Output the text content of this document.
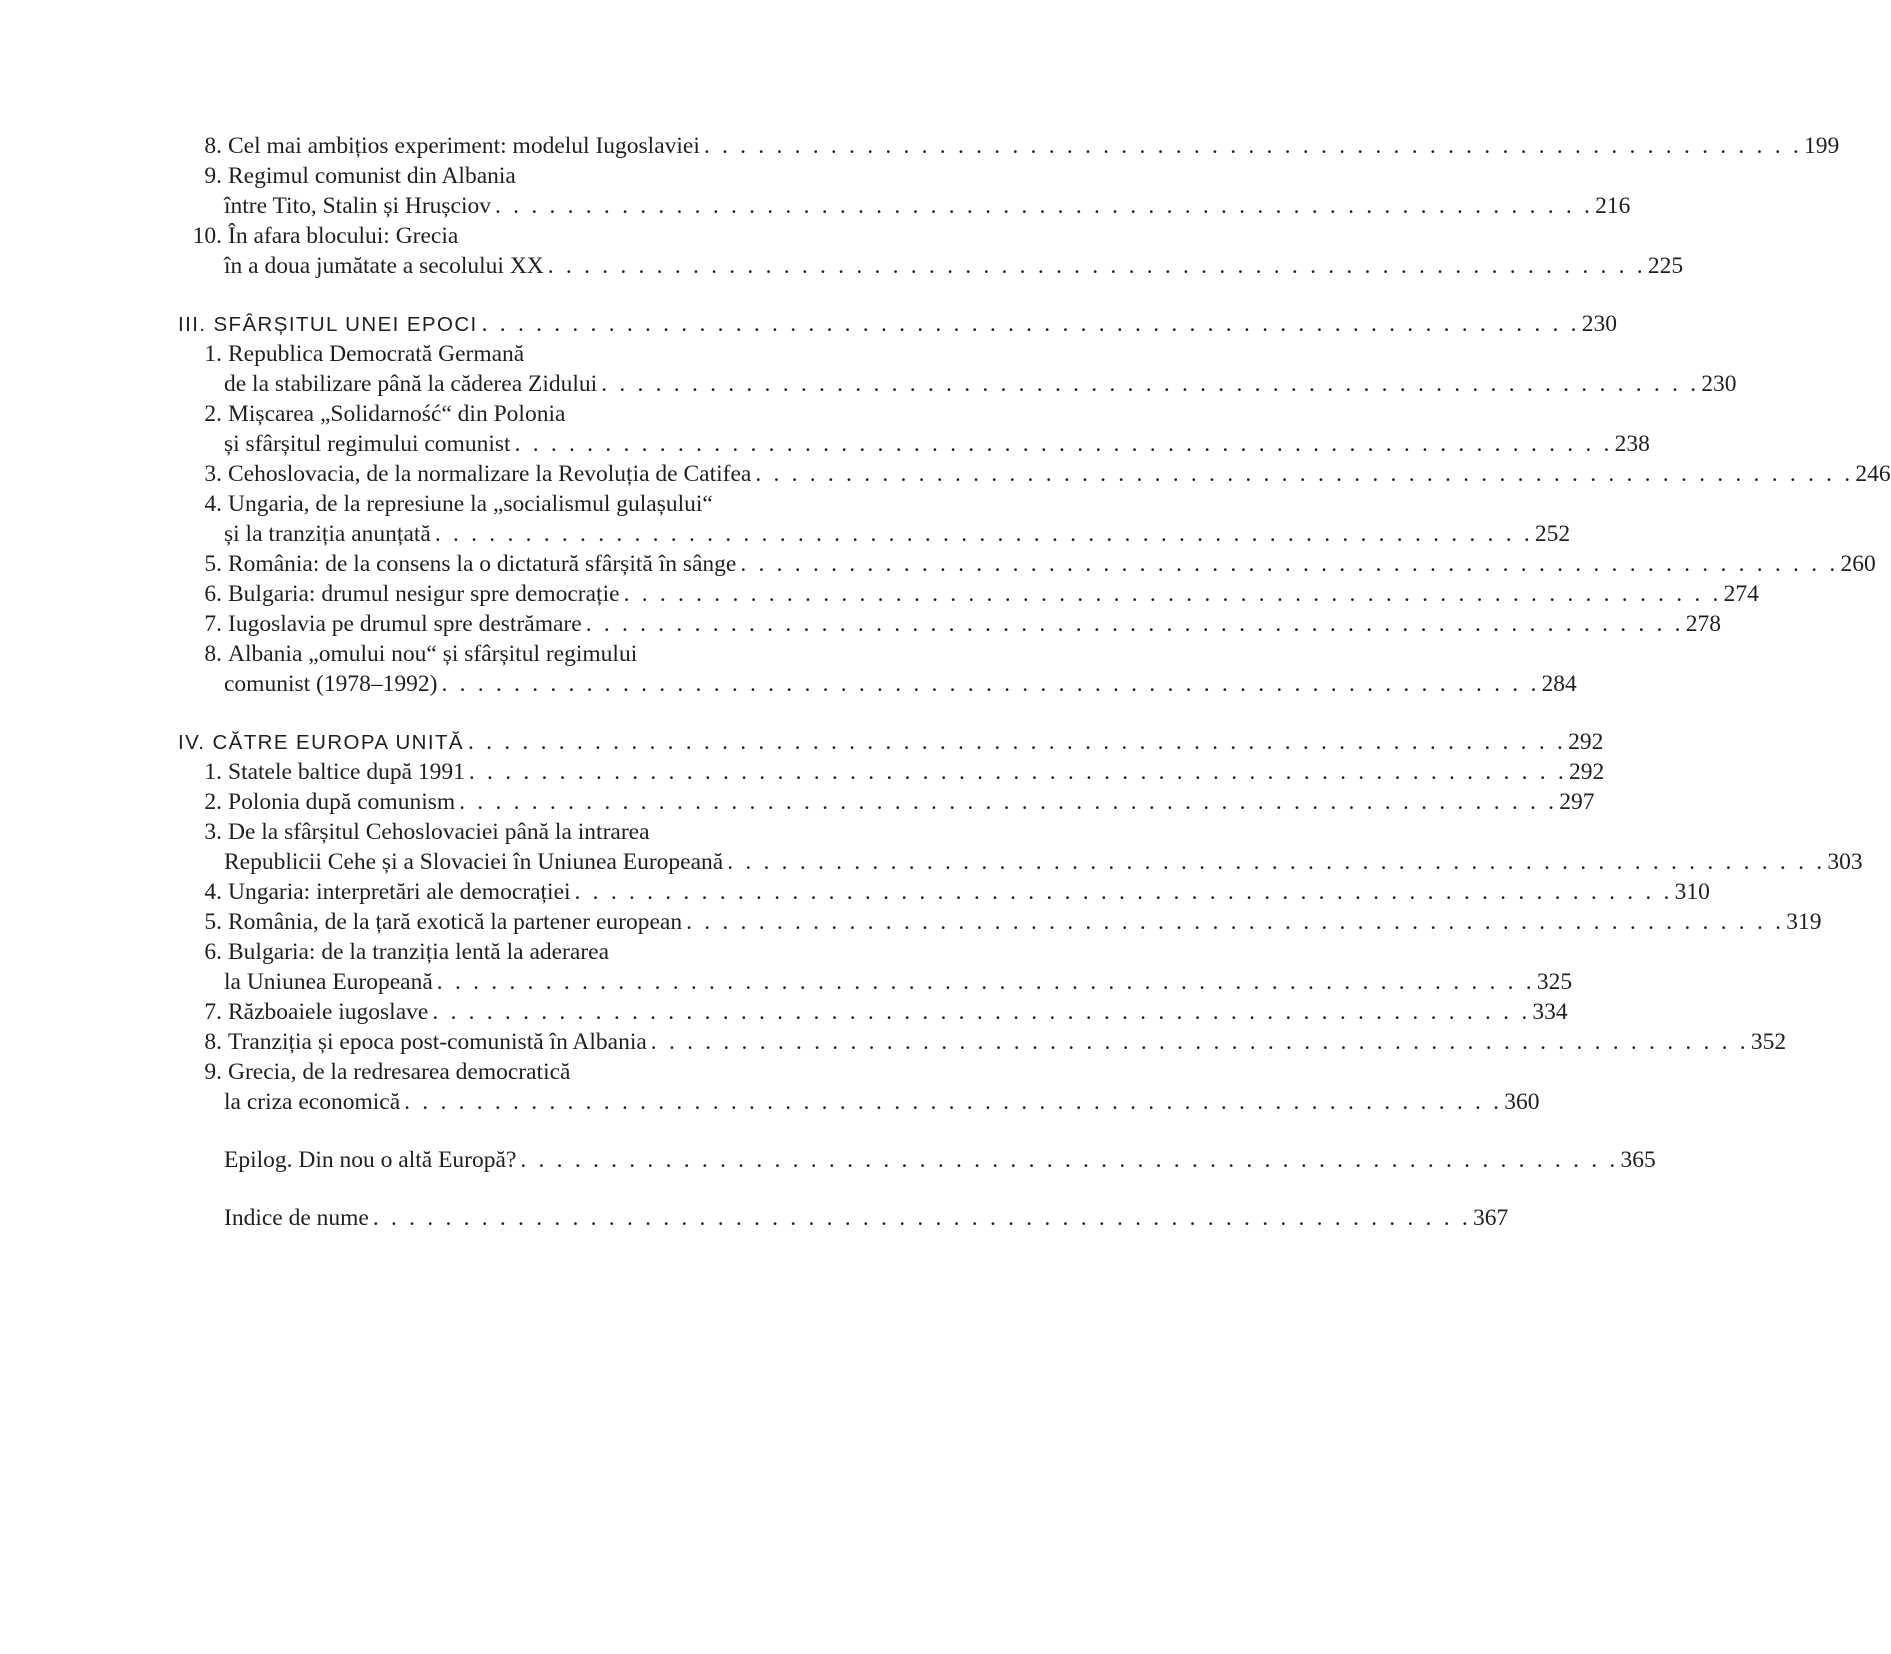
8. Cel mai ambițios experiment: modelul Iugoslaviei . . . . . . . . . . . . . . . . . . . . . . . . . . . . . . . . . . . . . . . . . . . . . . . . . . . . . . . . . . . . . 199
9. Regimul comunist din Albania
între Tito, Stalin și Hrușciov . . . . . . . . . . . . . . . . . . . . . . . . . . . . . . . . . . . . . . . . . . . . . . . . . . . . . . . . . . . . . 216
10. În afara blocului: Grecia
în a doua jumătate a secolului XX . . . . . . . . . . . . . . . . . . . . . . . . . . . . . . . . . . . . . . . . . . . . . . . . . . . . . . . . . . . . . 225
III. SFÂRȘITUL UNEI EPOCI . . . . . . . . . . . . . . . . . . . . . . . . . . . . . . . . . . . . . . . . . . . . . . . . . . . . . . . . . . . . . 230
1. Republica Democrată Germană
de la stabilizare până la căderea Zidului . . . . . . . . . . . . . . . . . . . . . . . . . . . . . . . . . . . . . . . . . . . . . . . . . . . . . . . . . . . . . 230
2. Mișcarea „Solidarność“ din Polonia
și sfârșitul regimului comunist . . . . . . . . . . . . . . . . . . . . . . . . . . . . . . . . . . . . . . . . . . . . . . . . . . . . . . . . . . . . . 238
3. Cehoslovacia, de la normalizare la Revoluția de Catifea . . . . . . . . . . . . . . . . . . . . . . . . . . . . . . . . . . . . . . . . . . . . . . . . . . . . . . . . . . . . . 246
4. Ungaria, de la represiune la „socialismul gulașului“
și la tranziția anunțată . . . . . . . . . . . . . . . . . . . . . . . . . . . . . . . . . . . . . . . . . . . . . . . . . . . . . . . . . . . . . 252
5. România: de la consens la o dictatură sfârșită în sânge . . . . . . . . . . . . . . . . . . . . . . . . . . . . . . . . . . . . . . . . . . . . . . . . . . . . . . . . . . . . . 260
6. Bulgaria: drumul nesigur spre democrație . . . . . . . . . . . . . . . . . . . . . . . . . . . . . . . . . . . . . . . . . . . . . . . . . . . . . . . . . . . . . 274
7. Iugoslavia pe drumul spre destrămare . . . . . . . . . . . . . . . . . . . . . . . . . . . . . . . . . . . . . . . . . . . . . . . . . . . . . . . . . . . . . 278
8. Albania „omului nou“ și sfârșitul regimului
comunist (1978–1992) . . . . . . . . . . . . . . . . . . . . . . . . . . . . . . . . . . . . . . . . . . . . . . . . . . . . . . . . . . . . . 284
IV. CĂTRE EUROPA UNITĂ . . . . . . . . . . . . . . . . . . . . . . . . . . . . . . . . . . . . . . . . . . . . . . . . . . . . . . . . . . . . . 292
1. Statele baltice după 1991 . . . . . . . . . . . . . . . . . . . . . . . . . . . . . . . . . . . . . . . . . . . . . . . . . . . . . . . . . . . . . 292
2. Polonia după comunism . . . . . . . . . . . . . . . . . . . . . . . . . . . . . . . . . . . . . . . . . . . . . . . . . . . . . . . . . . . . . 297
3. De la sfârșitul Cehoslovaciei până la intrarea
Republicii Cehe și a Slovaciei în Uniunea Europeană . . . . . . . . . . . . . . . . . . . . . . . . . . . . . . . . . . . . . . . . . . . . . . . . . . . . . . . . . . . . . 303
4. Ungaria: interpretări ale democrației . . . . . . . . . . . . . . . . . . . . . . . . . . . . . . . . . . . . . . . . . . . . . . . . . . . . . . . . . . . . . 310
5. România, de la țară exotică la partener european . . . . . . . . . . . . . . . . . . . . . . . . . . . . . . . . . . . . . . . . . . . . . . . . . . . . . . . . . . . . . 319
6. Bulgaria: de la tranziția lentă la aderarea
la Uniunea Europeană . . . . . . . . . . . . . . . . . . . . . . . . . . . . . . . . . . . . . . . . . . . . . . . . . . . . . . . . . . . . . 325
7. Războaiele iugoslave . . . . . . . . . . . . . . . . . . . . . . . . . . . . . . . . . . . . . . . . . . . . . . . . . . . . . . . . . . . . . 334
8. Tranziția și epoca post-comunistă în Albania . . . . . . . . . . . . . . . . . . . . . . . . . . . . . . . . . . . . . . . . . . . . . . . . . . . . . . . . . . . . . 352
9. Grecia, de la redresarea democratică
la criza economică . . . . . . . . . . . . . . . . . . . . . . . . . . . . . . . . . . . . . . . . . . . . . . . . . . . . . . . . . . . . . 360
Epilog. Din nou o altă Europă? . . . . . . . . . . . . . . . . . . . . . . . . . . . . . . . . . . . . . . . . . . . . . . . . . . . . . . . . . . . . . 365
Indice de nume . . . . . . . . . . . . . . . . . . . . . . . . . . . . . . . . . . . . . . . . . . . . . . . . . . . . . . . . . . . . . 367
